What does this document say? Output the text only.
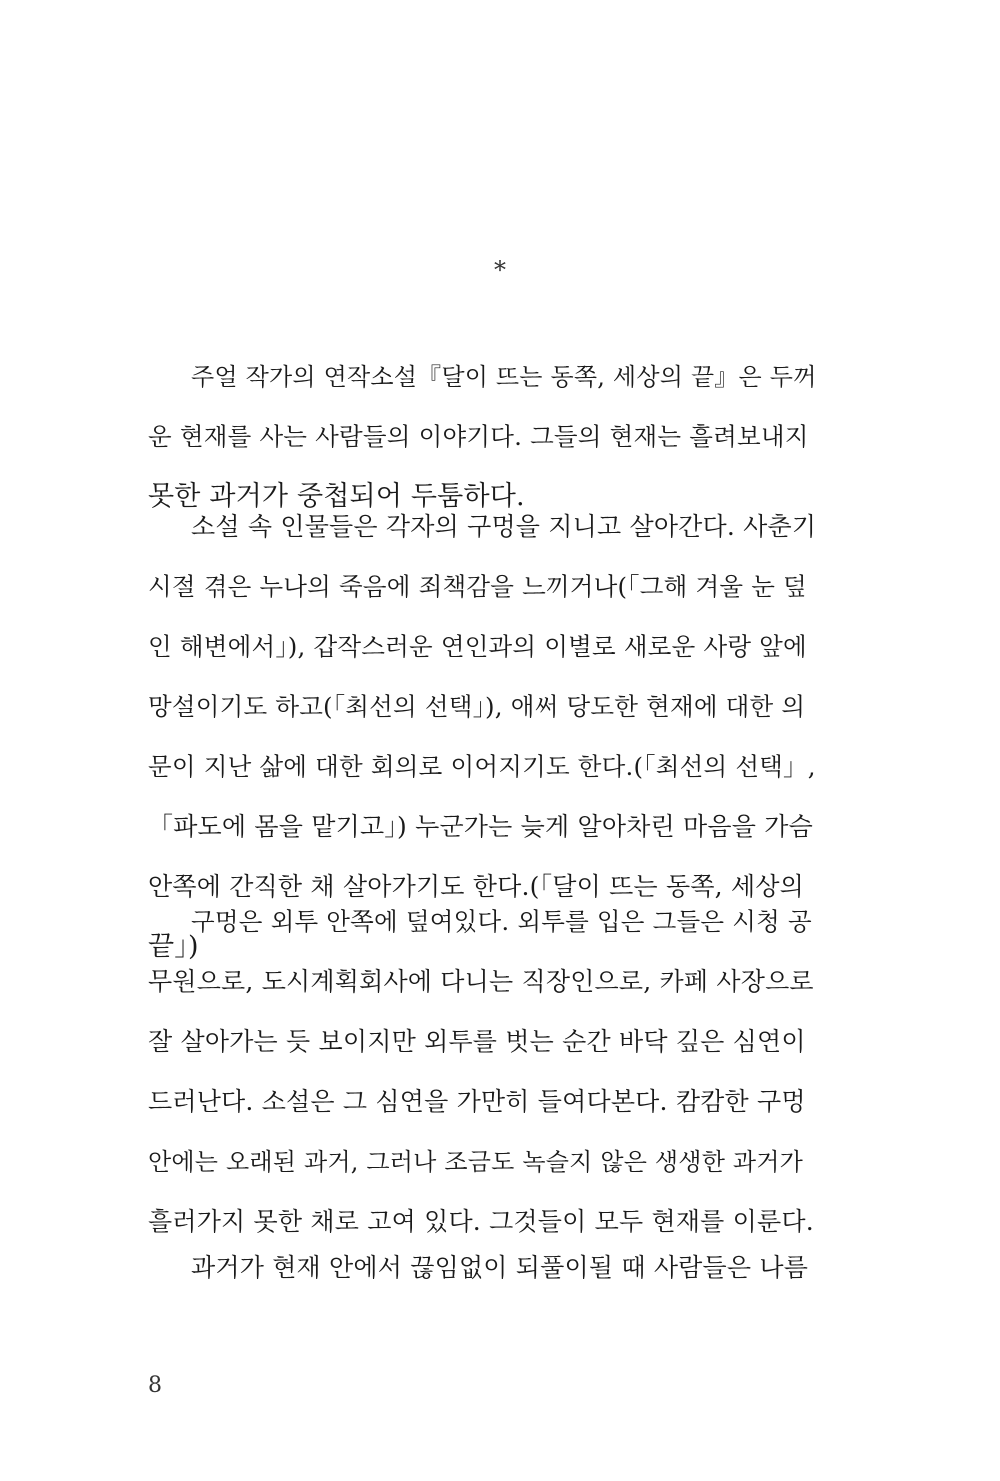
*
주얼 작가의 연작소설『달이 뜨는 동쪽, 세상의 끝』은 두꺼
운 현재를 사는 사람들의 이야기다. 그들의 현재는 흘려보내지
못한 과거가 중첩되어 두툼하다.
소설 속 인물들은 각자의 구멍을 지니고 살아간다. 사춘기
시절 겪은 누나의 죽음에 죄책감을 느끼거나(「그해 겨울 눈 덮
인 해변에서」), 갑작스러운 연인과의 이별로 새로운 사랑 앞에
망설이기도 하고(「최선의 선택」), 애써 당도한 현재에 대한 의
문이 지난 삶에 대한 회의로 이어지기도 한다.(「최선의 선택」,
「파도에 몸을 맡기고」) 누군가는 늦게 알아차린 마음을 가슴
안쪽에 간직한 채 살아가기도 한다.(「달이 뜨는 동쪽, 세상의
끝」)
구멍은 외투 안쪽에 덮여있다. 외투를 입은 그들은 시청 공
무원으로, 도시계획회사에 다니는 직장인으로, 카페 사장으로
잘 살아가는 듯 보이지만 외투를 벗는 순간 바닥 깊은 심연이
드러난다. 소설은 그 심연을 가만히 들여다본다. 캄캄한 구멍
안에는 오래된 과거, 그러나 조금도 녹슬지 않은 생생한 과거가
흘러가지 못한 채로 고여 있다. 그것들이 모두 현재를 이룬다.
과거가 현재 안에서 끊임없이 되풀이될 때 사람들은 나름
8
